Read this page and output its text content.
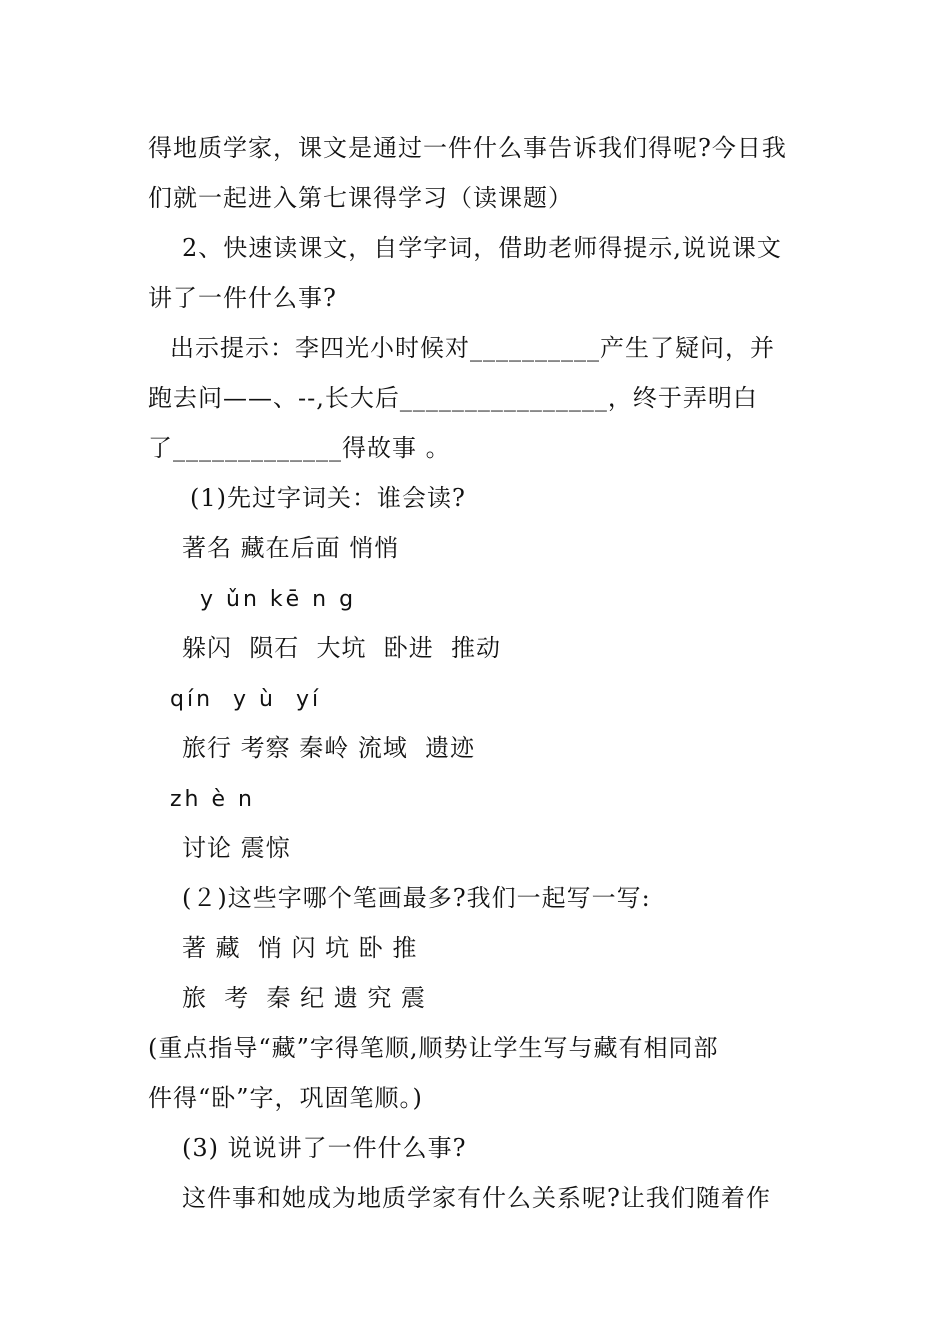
得地质学家，课文是通过一件什么事告诉我们得呢?今日我
们就一起进入第七课得学习（读课题）
2、快速读课文，自学字词，借助老师得提示,说说课文
讲了一件什么事?
出示提示：李四光小时候对__________产生了疑问，并
跑去问——、--,长大后________________，终于弄明白
了_____________得故事 。
(1)先过字词关：谁会读?
著名 藏在后面 悄悄
y ǔn kē n g
躲闪  陨石  大坑  卧进  推动
qín  y ù  yí
旅行 考察 秦岭 流域  遗迹
zh è n
讨论 震惊
(２)这些字哪个笔画最多?我们一起写一写:
著 藏  悄 闪 坑 卧 推
旅  考  秦 纪 遗 究 震
(重点指导“藏”字得笔顺,顺势让学生写与藏有相同部
件得“卧”字，巩固笔顺。)
(3) 说说讲了一件什么事?
这件事和她成为地质学家有什么关系呢?让我们随着作
